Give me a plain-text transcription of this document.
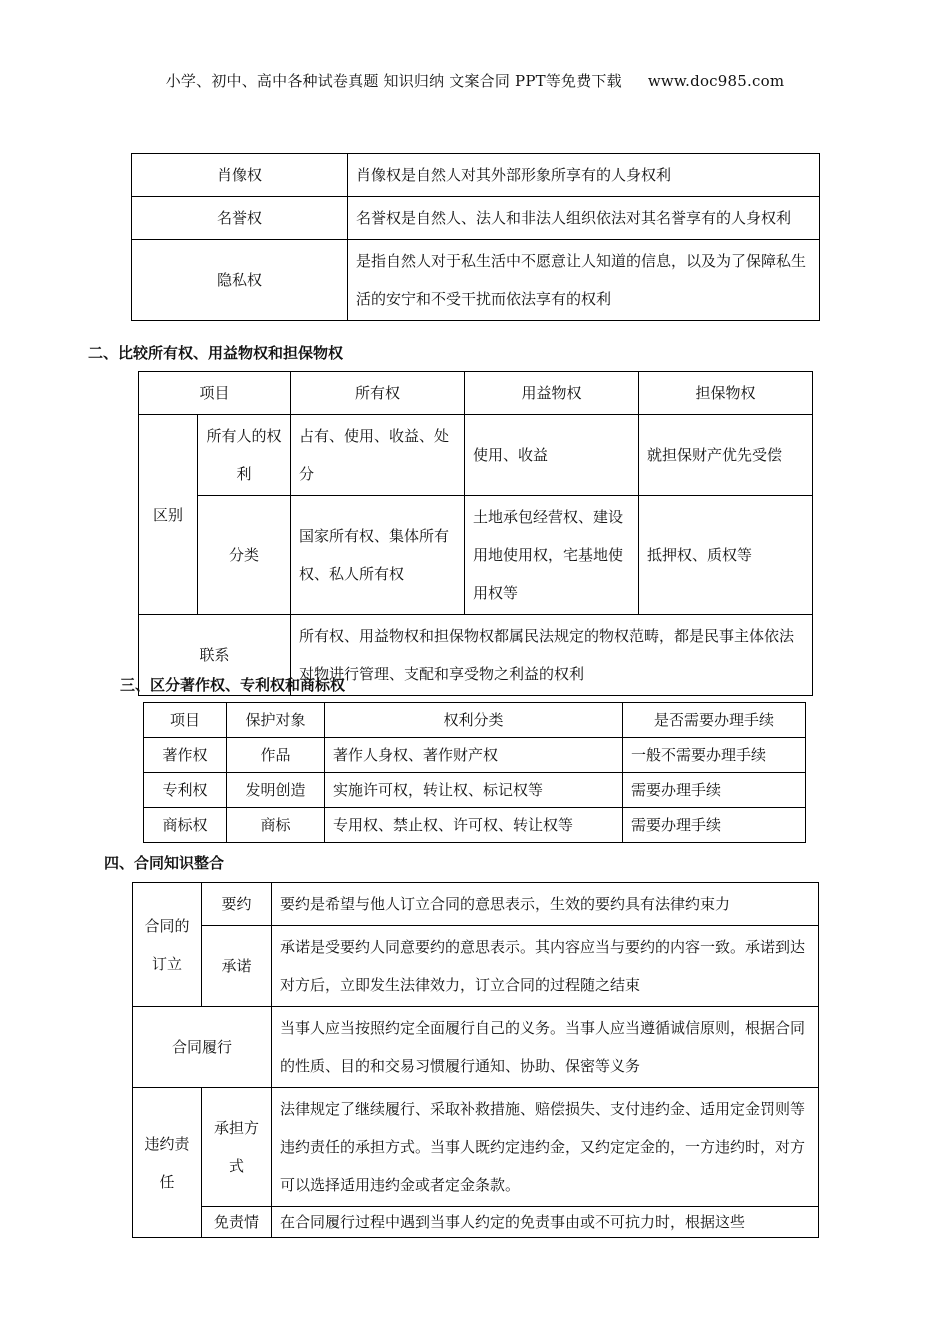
小学、初中、高中各种试卷真题 知识归纳 文案合同 PPT等免费下载 www.doc985.com
肖像权	肖像权是自然人对其外部形象所享有的人身权利
名誉权	名誉权是自然人、法人和非法人组织依法对其名誉享有的人身权利
隐私权	是指自然人对于私生活中不愿意让人知道的信息，以及为了保障私生活的安宁和不受干扰而依法享有的权利
二、比较所有权、用益物权和担保物权
项目		所有权	用益物权	担保物权
区别	所有人的权利	占有、使用、收益、处分	使用、收益	就担保财产优先受偿
	分类	国家所有权、集体所有权、私人所有权	土地承包经营权、建设用地使用权，宅基地使用权等	抵押权、质权等
联系		所有权、用益物权和担保物权都属民法规定的物权范畴，都是民事主体依法对物进行管理、支配和享受物之利益的权利		
三、区分著作权、专利权和商标权
项目	保护对象	权利分类	是否需要办理手续
著作权	作品	著作人身权、著作财产权	一般不需要办理手续
专利权	发明创造	实施许可权，转让权、标记权等	需要办理手续
商标权	商标	专用权、禁止权、许可权、转让权等	需要办理手续
四、合同知识整合
合同的订立	要约	要约是希望与他人订立合同的意思表示，生效的要约具有法律约束力
	承诺	承诺是受要约人同意要约的意思表示。其内容应当与要约的内容一致。承诺到达对方后，立即发生法律效力，订立合同的过程随之结束
合同履行		当事人应当按照约定全面履行自己的义务。当事人应当遵循诚信原则，根据合同的性质、目的和交易习惯履行通知、协助、保密等义务
违约责任	承担方式	法律规定了继续履行、采取补救措施、赔偿损失、支付违约金、适用定金罚则等违约责任的承担方式。当事人既约定违约金，又约定定金的，一方违约时，对方可以选择适用违约金或者定金条款。
	免责情	在合同履行过程中遇到当事人约定的免责事由或不可抗力时，根据这些
